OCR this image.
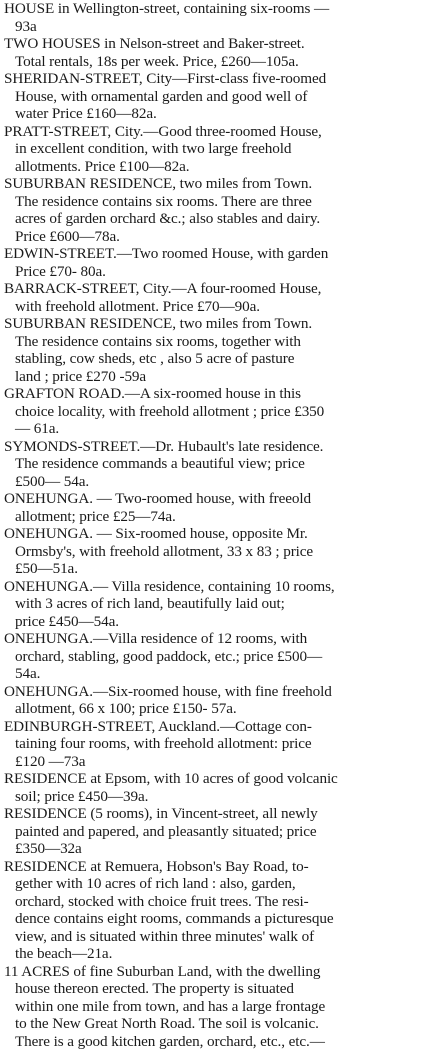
HOUSE in Wellington-street, containing six-rooms —
93a
TWO HOUSES in Nelson-street and Baker-street.
Total rentals, 18s per week. Price, £260—105a.
SHERIDAN-STREET, City—First-class five-roomed
House, with ornamental garden and good well of
water Price £160—82a.
PRATT-STREET, City.—Good three-roomed House,
in excellent condition, with two large freehold
allotments. Price £100—82a.
SUBURBAN RESIDENCE, two miles from Town.
The residence contains six rooms. There are three
acres of garden orchard &c.; also stables and dairy.
Price £600—78a.
EDWIN-STREET.—Two roomed House, with garden
Price £70- 80a.
BARRACK-STREET, City.—A four-roomed House,
with freehold allotment. Price £70—90a.
SUBURBAN RESIDENCE, two miles from Town.
The residence contains six rooms, together with
stabling, cow sheds, etc , also 5 acre of pasture
land ; price £270 -59a
GRAFTON ROAD.—A six-roomed house in this
choice locality, with freehold allotment ; price £350
— 61a.
SYMONDS-STREET.—Dr. Hubault's late residence.
The residence commands a beautiful view; price
£500— 54a.
ONEHUNGA. — Two-roomed house, with freeold
allotment; price £25—74a.
ONEHUNGA. — Six-roomed house, opposite Mr.
Ormsby's, with freehold allotment, 33 x 83 ; price
£50—51a.
ONEHUNGA.— Villa residence, containing 10 rooms,
with 3 acres of rich land, beautifully laid out;
price £450—54a.
ONEHUNGA.—Villa residence of 12 rooms, with
orchard, stabling, good paddock, etc.; price £500—
54a.
ONEHUNGA.—Six-roomed house, with fine freehold
allotment, 66 x 100; price £150- 57a.
EDINBURGH-STREET, Auckland.—Cottage con-
taining four rooms, with freehold allotment: price
£120 —73a
RESIDENCE at Epsom, with 10 acres of good volcanic
soil; price £450—39a.
RESIDENCE (5 rooms), in Vincent-street, all newly
painted and papered, and pleasantly situated; price
£350—32a
RESIDENCE at Remuera, Hobson's Bay Road, to-
gether with 10 acres of rich land : also, garden,
orchard, stocked with choice fruit trees. The resi-
dence contains eight rooms, commands a picturesque
view, and is situated within three minutes' walk of
the beach—21a.
11 ACRES of fine Suburban Land, with the dwelling
house thereon erected. The property is situated
within one mile from town, and has a large frontage
to the New Great North Road. The soil is volcanic.
There is a good kitchen garden, orchard, etc., etc.—
